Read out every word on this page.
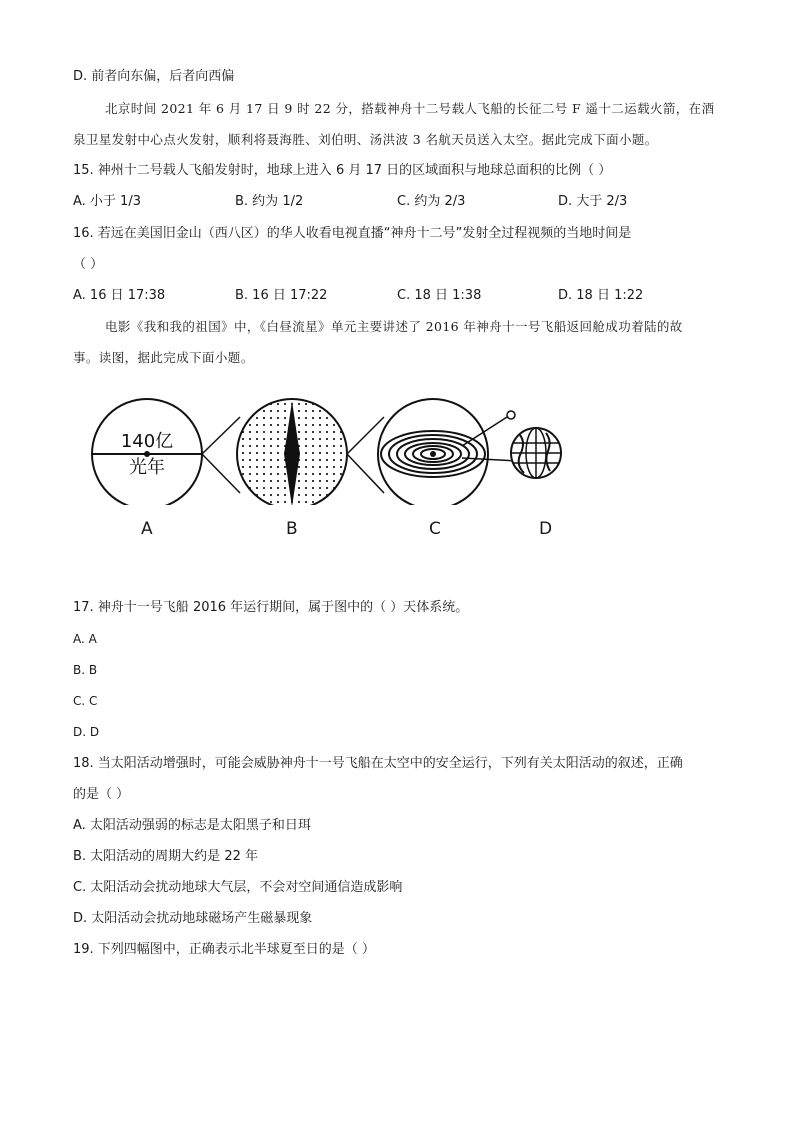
D. 前者向东偏，后者向西偏
北京时间 2021 年 6 月 17 日 9 时 22 分，搭载神舟十二号载人飞船的长征二号 F 遥十二运载火箭，在酒
泉卫星发射中心点火发射，顺利将聂海胜、刘伯明、汤洪波 3 名航天员送入太空。据此完成下面小题。
15. 神州十二号载人飞船发射时，地球上进入 6 月 17 日的区域面积与地球总面积的比例（ ）
A. 小于 1/3	B. 约为 1/2	C. 约为 2/3	D. 大于 2/3
16. 若远在美国旧金山（西八区）的华人收看电视直播“神舟十二号”发射全过程视频的当地时间是
（ ）
A. 16 日 17:38	B. 16 日 17:22	C. 18 日 1:38	D. 18 日 1:22
电影《我和我的祖国》中，《白昼流星》单元主要讲述了 2016 年神舟十一号飞船返回舱成功着陆的故
事。读图，据此完成下面小题。
140亿
光年
A	B	C	D
17. 神舟十一号飞船 2016 年运行期间，属于图中的（ ）天体系统。
A. A
B. B
C. C
D. D
18. 当太阳活动增强时，可能会威胁神舟十一号飞船在太空中的安全运行，下列有关太阳活动的叙述，正确
的是（ ）
A. 太阳活动强弱的标志是太阳黑子和日珥
B. 太阳活动的周期大约是 22 年
C. 太阳活动会扰动地球大气层，不会对空间通信造成影响
D. 太阳活动会扰动地球磁场产生磁暴现象
19. 下列四幅图中，正确表示北半球夏至日的是（ ）
